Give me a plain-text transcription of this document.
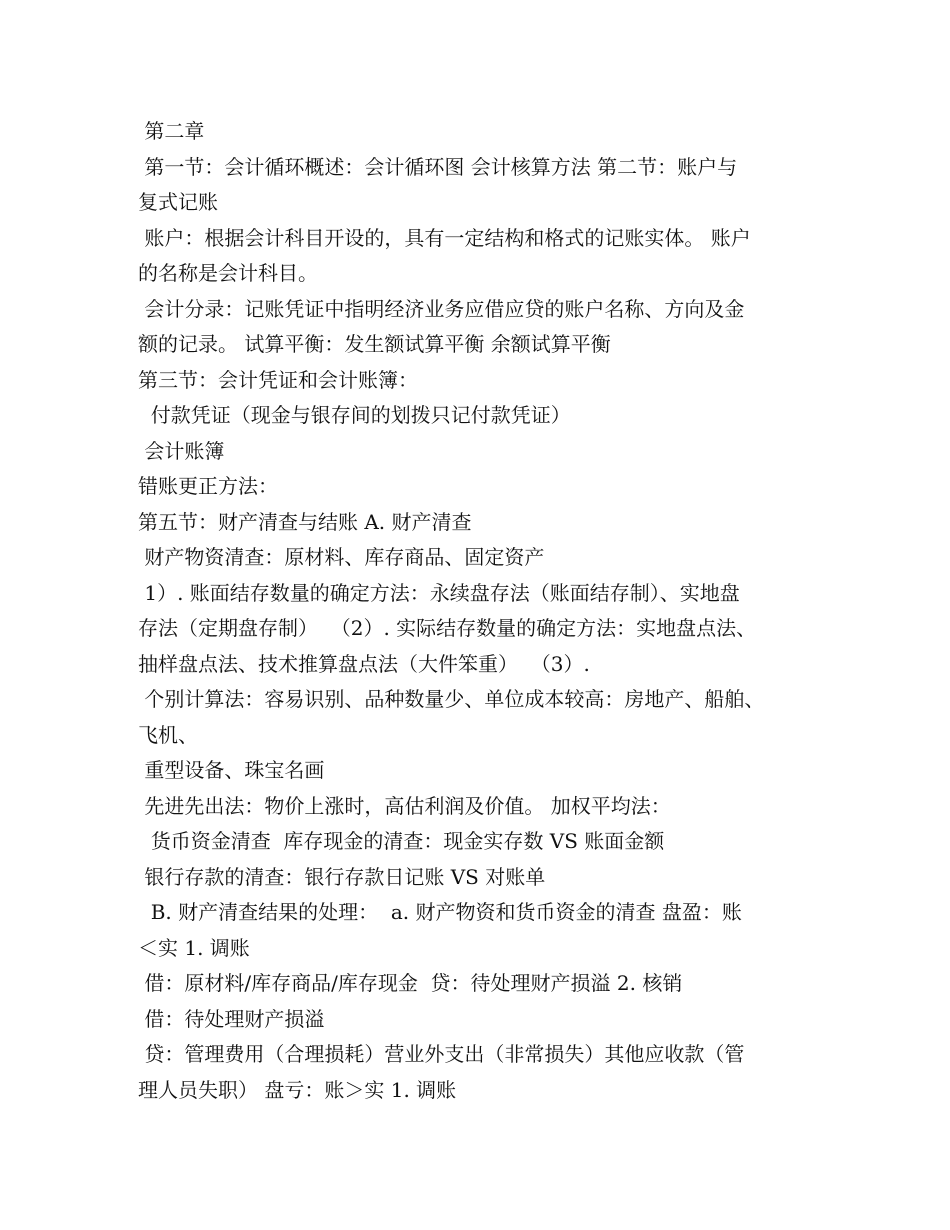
第二章
第一节：会计循环概述：会计循环图 会计核算方法 第二节：账户与
复式记账
账户：根据会计科目开设的，具有一定结构和格式的记账实体。 账户
的名称是会计科目。
会计分录：记账凭证中指明经济业务应借应贷的账户名称、方向及金
额的记录。 试算平衡：发生额试算平衡 余额试算平衡
第三节：会计凭证和会计账簿：
付款凭证（现金与银存间的划拨只记付款凭证）
会计账簿
错账更正方法：
第五节：财产清查与结账 A. 财产清查
财产物资清查：原材料、库存商品、固定资产
1）. 账面结存数量的确定方法：永续盘存法（账面结存制）、实地盘
存法（定期盘存制）  （2）. 实际结存数量的确定方法：实地盘点法、
抽样盘点法、技术推算盘点法（大件笨重）  （3）.
个别计算法：容易识别、品种数量少、单位成本较高：房地产、船舶、
飞机、
重型设备、珠宝名画
先进先出法：物价上涨时，高估利润及价值。 加权平均法：
货币资金清查  库存现金的清查：现金实存数 VS 账面金额
银行存款的清查：银行存款日记账 VS 对账单
B. 财产清查结果的处理：  a. 财产物资和货币资金的清查 盘盈：账
＜实 1. 调账
借：原材料/库存商品/库存现金  贷：待处理财产损溢 2. 核销
借：待处理财产损溢
贷：管理费用（合理损耗）营业外支出（非常损失）其他应收款（管
理人员失职） 盘亏：账＞实 1. 调账
